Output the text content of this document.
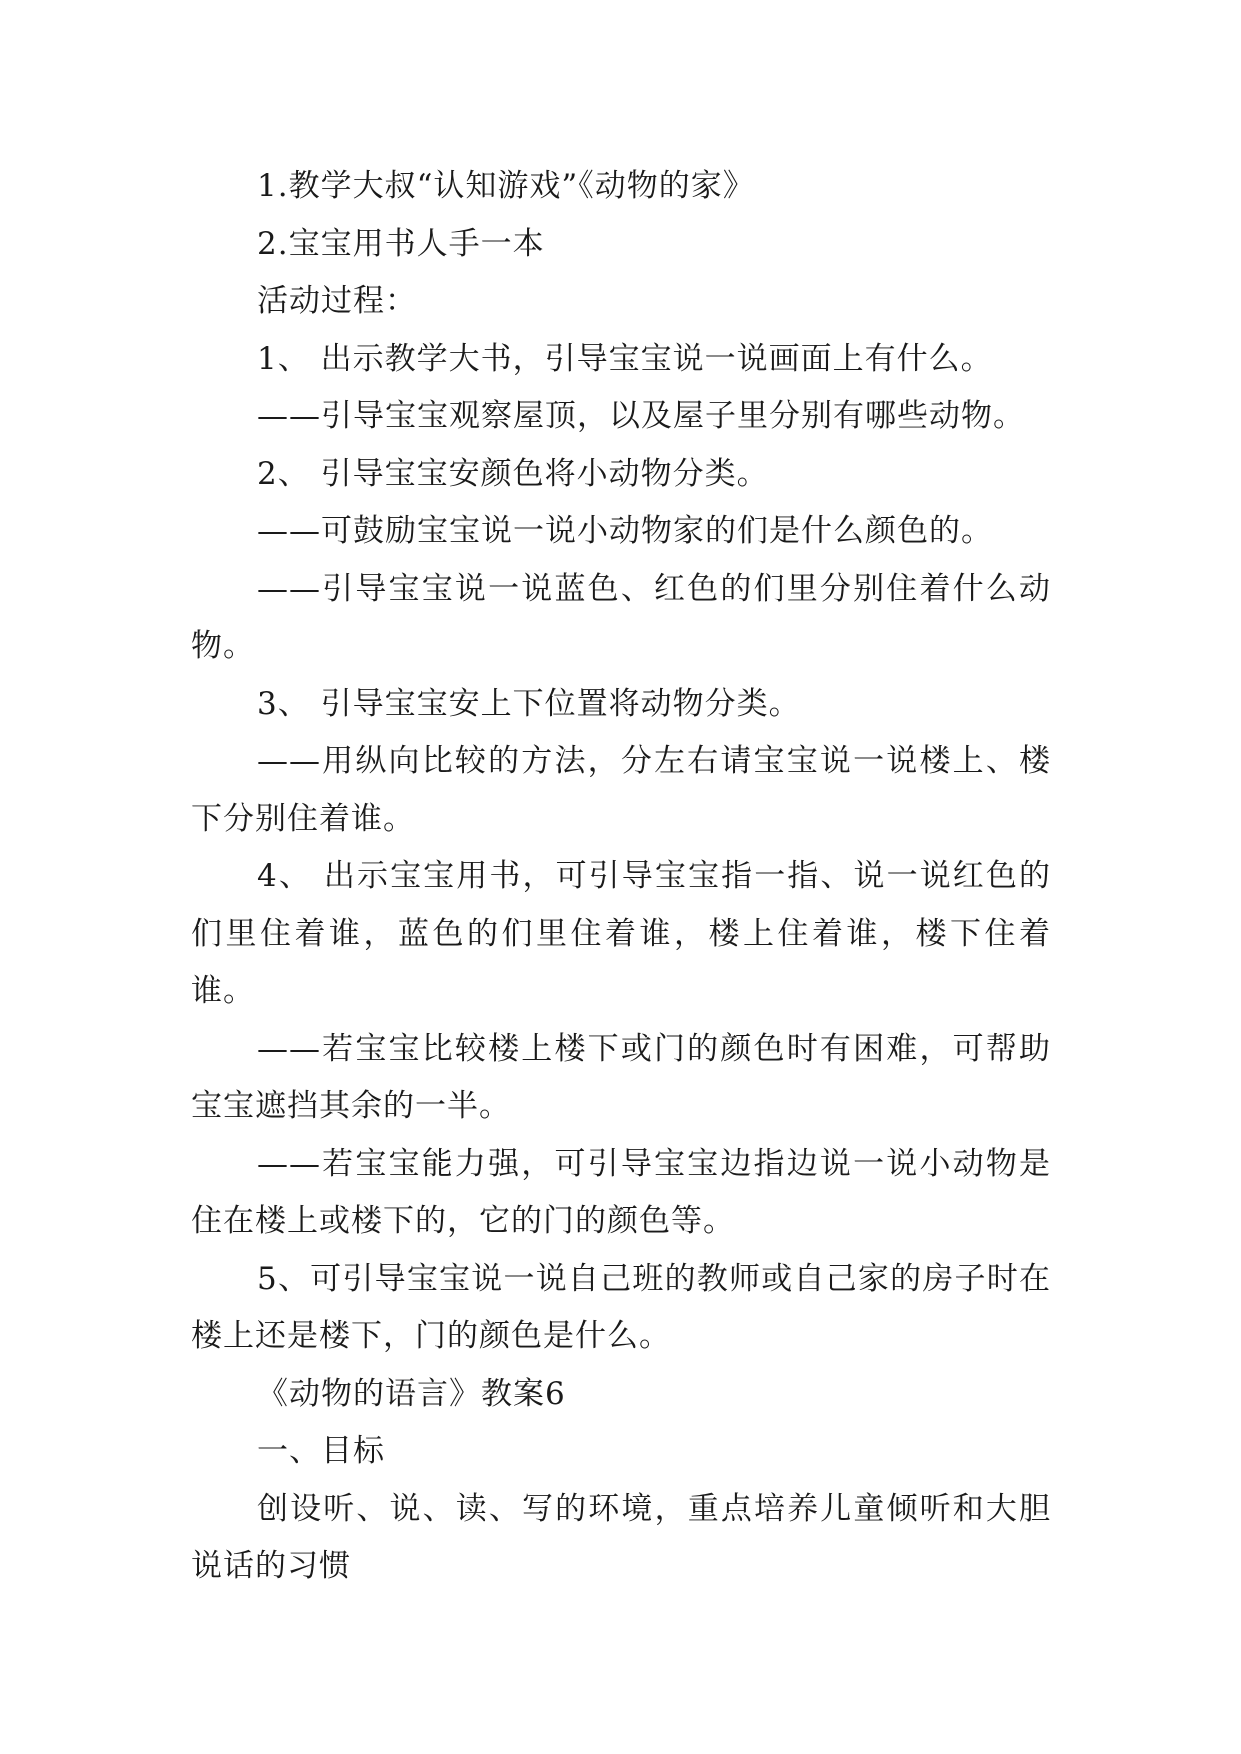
1.教学大叔“认知游戏”《动物的家》

2.宝宝用书人手一本

活动过程：

1、 出示教学大书，引导宝宝说一说画面上有什么。

——引导宝宝观察屋顶，以及屋子里分别有哪些动物。

2、 引导宝宝安颜色将小动物分类。

——可鼓励宝宝说一说小动物家的们是什么颜色的。

——引导宝宝说一说蓝色、红色的们里分别住着什么动物。

3、 引导宝宝安上下位置将动物分类。

——用纵向比较的方法，分左右请宝宝说一说楼上、楼下分别住着谁。

4、 出示宝宝用书，可引导宝宝指一指、说一说红色的们里住着谁，蓝色的们里住着谁，楼上住着谁，楼下住着谁。

——若宝宝比较楼上楼下或门的颜色时有困难，可帮助宝宝遮挡其余的一半。

——若宝宝能力强，可引导宝宝边指边说一说小动物是住在楼上或楼下的，它的门的颜色等。

5、可引导宝宝说一说自己班的教师或自己家的房子时在楼上还是楼下，门的颜色是什么。

《动物的语言》教案6

一、目标

创设听、说、读、写的环境，重点培养儿童倾听和大胆说话的习惯
